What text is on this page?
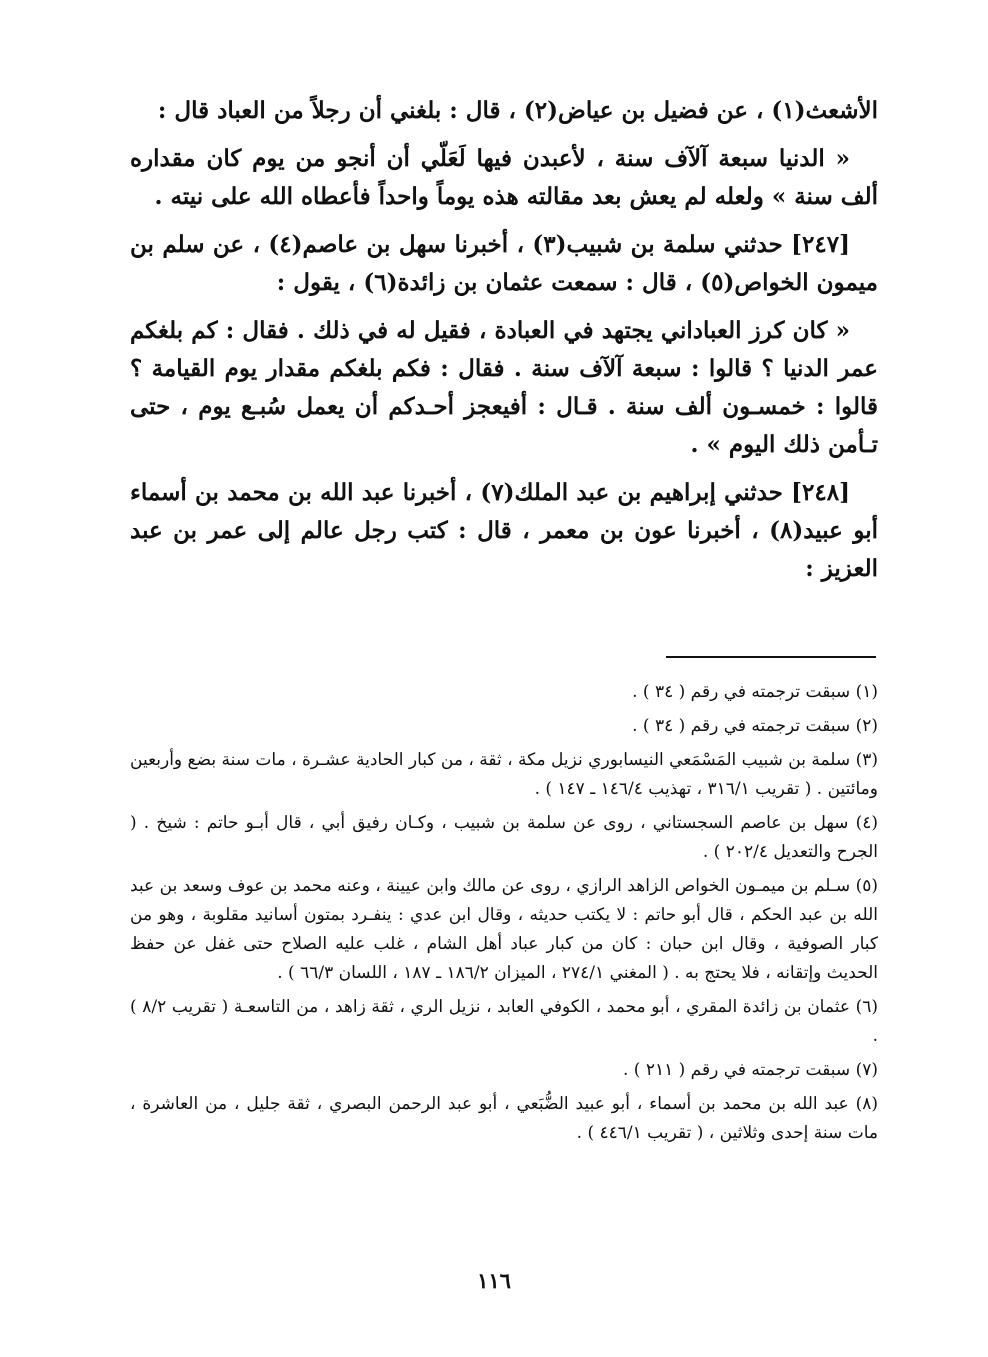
الأشعث(١) ، عن فضيل بن عياض(٢) ، قال : بلغني أن رجلاً من العباد قال :

« الدنيا سبعة آلآف سنة ، لأعبدن فيها لَعَلّي أن أنجو من يوم كان مقداره ألف سنة » ولعله لم يعش بعد مقالته هذه يوماً واحداً فأعطاه الله على نيته .

[٢٤٧] حدثني سلمة بن شبيب(٣) ، أخبرنا سهل بن عاصم(٤) ، عن سلم بن ميمون الخواص(٥) ، قال : سمعت عثمان بن زائدة(٦) ، يقول :

« كان كرز العباداني يجتهد في العبادة ، فقيل له في ذلك . فقال : كم بلغكم عمر الدنيا ؟ قالوا : سبعة آلآف سنة . فقال : فكم بلغكم مقدار يوم القيامة ؟ قالوا : خمسـون ألف سنة . قـال : أفيعجز أحـدكم أن يعمل سُبـع يوم ، حتى تـأمن ذلك اليوم » .

[٢٤٨] حدثني إبراهيم بن عبد الملك(٧) ، أخبرنا عبد الله بن محمد بن أسماء أبو عبيد(٨) ، أخبرنا عون بن معمر ، قال : كتب رجل عالم إلى عمر بن عبد العزيز :

(١) سبقت ترجمته في رقم ( ٣٤ ) .
(٢) سبقت ترجمته في رقم ( ٣٤ ) .
(٣) سلمة بن شبيب المَسْمَعي النيسابوري نزيل مكة ، ثقة ، من كبار الحادية عشـرة ، مات سنة بضع وأربعين ومائتين . ( تقريب ٣١٦/١ ، تهذيب ١٤٦/٤ ـ ١٤٧ ) .
(٤) سهل بن عاصم السجستاني ، روى عن سلمة بن شبيب ، وكـان رفيق أبي ، قال أبـو حاتم : شيخ . ( الجرح والتعديل ٢٠٢/٤ ) .
(٥) سـلم بن ميمـون الخواص الزاهد الرازي ، روى عن مالك وابن عيينة ، وعنه محمد بن عوف وسعد بن عبد الله بن عبد الحكم ، قال أبو حاتم : لا يكتب حديثه ، وقال ابن عدي : ينفـرد بمتون أسانيد مقلوبة ، وهو من كبار الصوفية ، وقال ابن حبان : كان من كبار عباد أهل الشام ، غلب عليه الصلاح حتى غفل عن حفظ الحديث وإتقانه ، فلا يحتج به . ( المغني ٢٧٤/١ ، الميزان ١٨٦/٢ ـ ١٨٧ ، اللسان ٦٦/٣ ) .
(٦) عثمان بن زائدة المقري ، أبو محمد ، الكوفي العابد ، نزيل الري ، ثقة زاهد ، من التاسعـة ( تقريب ٨/٢ ) .
(٧) سبقت ترجمته في رقم ( ٢١١ ) .
(٨) عبد الله بن محمد بن أسماء ، أبو عبيد الضُّبَعي ، أبو عبد الرحمن البصري ، ثقة جليل ، من العاشرة ، مات سنة إحدى وثلاثين ، ( تقريب ٤٤٦/١ ) .
١١٦
